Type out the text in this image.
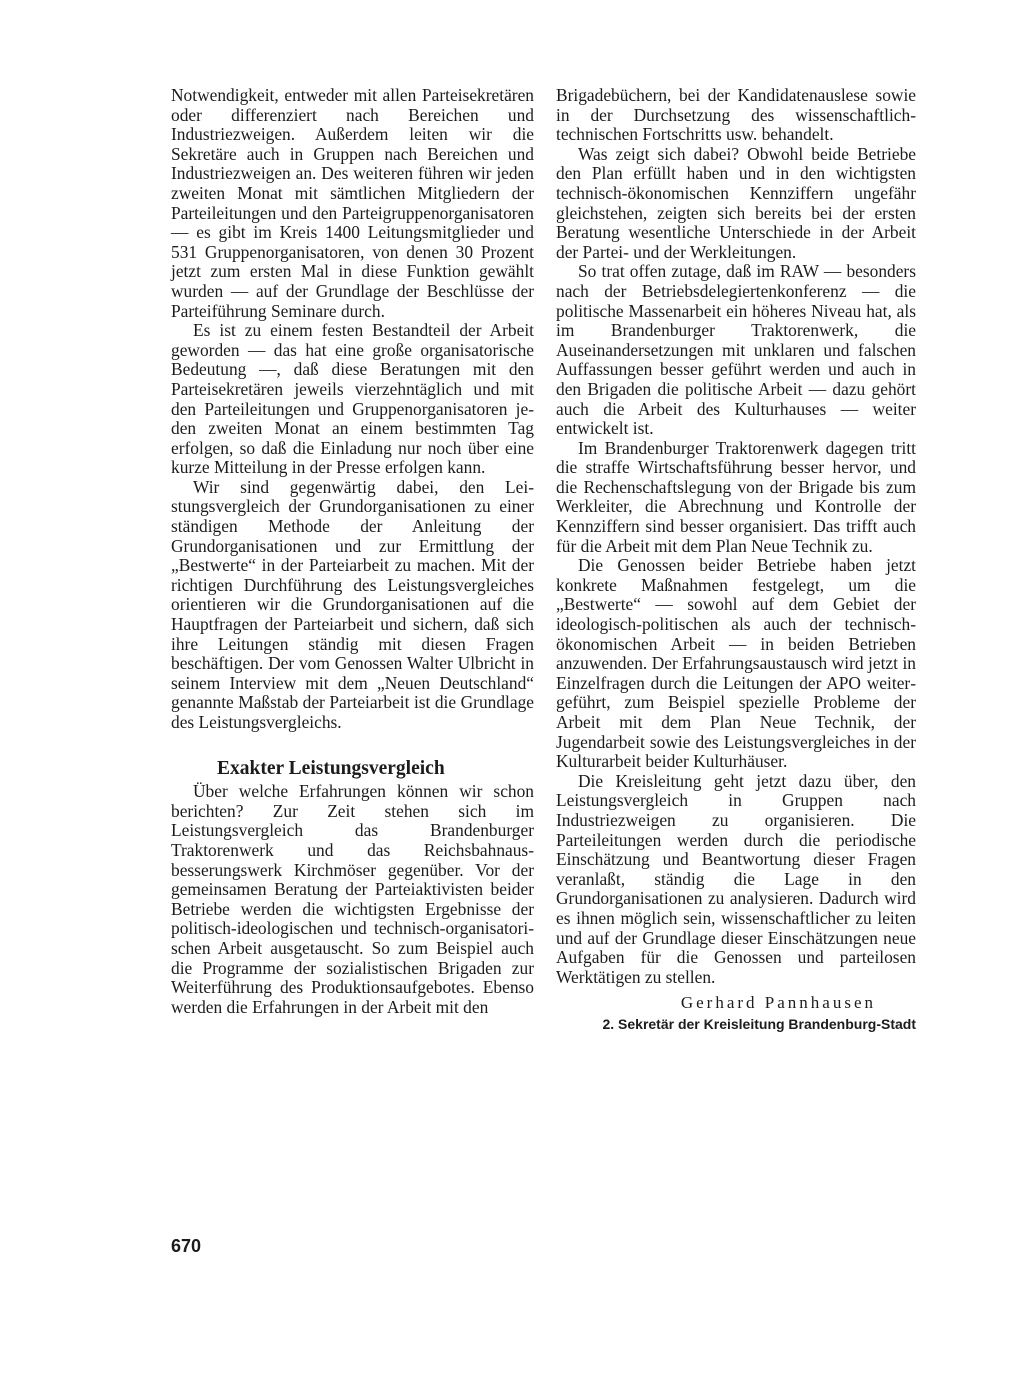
Notwendigkeit, entweder mit allen Parteisekretären oder differenziert nach Bereichen und Industriezweigen. Außerdem leiten wir die Sekretäre auch in Gruppen nach Bereichen und Industriezweigen an. Des weiteren führen wir jeden zweiten Monat mit sämtlichen Mitgliedern der Parteileitungen und den Parteigruppenorganisatoren — es gibt im Kreis 1400 Leitungsmitglieder und 531 Gruppenorganisatoren, von denen 30 Prozent jetzt zum ersten Mal in diese Funktion gewählt wurden — auf der Grundlage der Beschlüsse der Parteiführung Seminare durch.

Es ist zu einem festen Bestandteil der Arbeit geworden — das hat eine große organisatorische Bedeutung —, daß diese Beratungen mit den Parteisekretären jeweils vierzehntäglich und mit den Parteileitungen und Gruppenorganisatoren jeden zweiten Monat an einem bestimmten Tag erfolgen, so daß die Einladung nur noch über eine kurze Mitteilung in der Presse erfolgen kann.

Wir sind gegenwärtig dabei, den Leistungsvergleich der Grundorganisationen zu einer ständigen Methode der Anleitung der Grundorganisationen und zur Ermittlung der „Bestwerte“ in der Parteiarbeit zu machen. Mit der richtigen Durchführung des Leistungsvergleiches orientieren wir die Grundorganisationen auf die Hauptfragen der Parteiarbeit und sichern, daß sich ihre Leitungen ständig mit diesen Fragen beschäftigen. Der vom Genossen Walter Ulbricht in seinem Interview mit dem „Neuen Deutschland“ genannte Maßstab der Parteiarbeit ist die Grundlage des Leistungsvergleichs.

Exakter Leistungsvergleich

Über welche Erfahrungen können wir schon berichten? Zur Zeit stehen sich im Leistungsvergleich das Brandenburger Traktorenwerk und das Reichsbahnausbesserungswerk Kirchmöser gegenüber. Vor der gemeinsamen Beratung der Parteiaktivisten beider Betriebe werden die wichtigsten Ergebnisse der politisch-ideologischen und technisch-organisatorischen Arbeit ausgetauscht. So zum Beispiel auch die Programme der sozialistischen Brigaden zur Weiterführung des Produktionsaufgebotes. Ebenso werden die Erfahrungen in der Arbeit mit den

Brigadebüchern, bei der Kandidatenauslese sowie in der Durchsetzung des wissenschaftlich-technischen Fortschritts usw. behandelt.

Was zeigt sich dabei? Obwohl beide Betriebe den Plan erfüllt haben und in den wichtigsten technisch-ökonomischen Kennziffern ungefähr gleichstehen, zeigten sich bereits bei der ersten Beratung wesentliche Unterschiede in der Arbeit der Partei- und der Werkleitungen.

So trat offen zutage, daß im RAW — besonders nach der Betriebsdelegiertenkonferenz — die politische Massenarbeit ein höheres Niveau hat, als im Brandenburger Traktorenwerk, die Auseinandersetzungen mit unklaren und falschen Auffassungen besser geführt werden und auch in den Brigaden die politische Arbeit — dazu gehört auch die Arbeit des Kulturhauses — weiter entwickelt ist.

Im Brandenburger Traktorenwerk dagegen tritt die straffe Wirtschaftsführung besser hervor, und die Rechenschaftslegung von der Brigade bis zum Werkleiter, die Abrechnung und Kontrolle der Kennziffern sind besser organisiert. Das trifft auch für die Arbeit mit dem Plan Neue Technik zu.

Die Genossen beider Betriebe haben jetzt konkrete Maßnahmen festgelegt, um die „Bestwerte“ — sowohl auf dem Gebiet der ideologisch-politischen als auch der technisch-ökonomischen Arbeit — in beiden Betrieben anzuwenden. Der Erfahrungsaustausch wird jetzt in Einzelfragen durch die Leitungen der APO weitergeführt, zum Beispiel spezielle Probleme der Arbeit mit dem Plan Neue Technik, der Jugendarbeit sowie des Leistungsvergleiches in der Kulturarbeit beider Kulturhäuser.

Die Kreisleitung geht jetzt dazu über, den Leistungsvergleich in Gruppen nach Industriezweigen zu organisieren. Die Parteileitungen werden durch die periodische Einschätzung und Beantwortung dieser Fragen veranlaßt, ständig die Lage in den Grundorganisationen zu analysieren. Dadurch wird es ihnen möglich sein, wissenschaftlicher zu leiten und auf der Grundlage dieser Einschätzungen neue Aufgaben für die Genossen und parteilosen Werktätigen zu stellen.

Gerhard Pannhausen
2. Sekretär der Kreisleitung Brandenburg-Stadt
670
